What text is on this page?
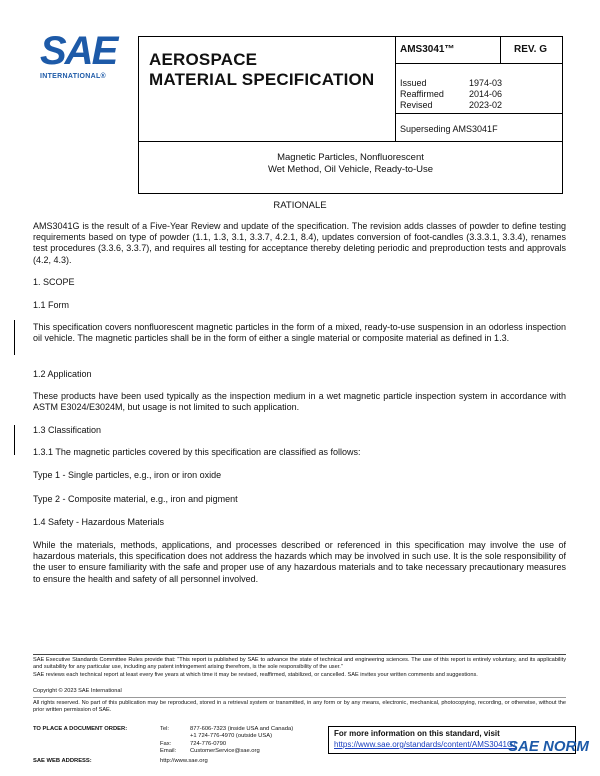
SAE
INTERNATIONAL®
AEROSPACE
MATERIAL SPECIFICATION
AMS3041™	REV. G
Issued	1974-03
Reaffirmed	2014-06
Revised	2023-02
Superseding AMS3041F
Magnetic Particles, Nonfluorescent
Wet Method, Oil Vehicle, Ready-to-Use
RATIONALE
AMS3041G is the result of a Five-Year Review and update of the specification. The revision adds classes of powder to define testing requirements based on type of powder (1.1, 1.3, 3.1, 3.3.7, 4.2.1, 8.4), updates conversion of foot-candles (3.3.3.1, 3.3.4), renames test procedures (3.3.6, 3.3.7), and requires all testing for acceptance thereby deleting periodic and preproduction tests and approvals (4.2, 4.3).
1. SCOPE
1.1 Form
This specification covers nonfluorescent magnetic particles in the form of a mixed, ready-to-use suspension in an odorless inspection oil vehicle. The magnetic particles shall be in the form of either a single material or composite material as defined in 1.3.
1.2 Application
These products have been used typically as the inspection medium in a wet magnetic particle inspection system in accordance with ASTM E3024/E3024M, but usage is not limited to such application.
1.3 Classification
1.3.1 The magnetic particles covered by this specification are classified as follows:
Type 1 - Single particles, e.g., iron or iron oxide
Type 2 - Composite material, e.g., iron and pigment
1.4 Safety - Hazardous Materials
While the materials, methods, applications, and processes described or referenced in this specification may involve the use of hazardous materials, this specification does not address the hazards which may be involved in such use. It is the sole responsibility of the user to ensure familiarity with the safe and proper use of any hazardous materials and to take necessary precautionary measures to ensure the health and safety of all personnel involved.
SAE Executive Standards Committee Rules provide that: “This report is published by SAE to advance the state of technical and engineering sciences. The use of this report is entirely voluntary, and its applicability and suitability for any particular use, including any patent infringement arising therefrom, is the sole responsibility of the user.”
SAE reviews each technical report at least every five years at which time it may be revised, reaffirmed, stabilized, or cancelled. SAE invites your written comments and suggestions.
Copyright © 2023 SAE International
All rights reserved. No part of this publication may be reproduced, stored in a retrieval system or transmitted, in any form or by any means, electronic, mechanical, photocopying, recording, or otherwise, without the prior written permission of SAE.
TO PLACE A DOCUMENT ORDER:	Tel:	877-606-7323 (inside USA and Canada)
+1 724-776-4970 (outside USA)
Fax:	724-776-0790
Email: CustomerService@sae.org
SAE WEB ADDRESS:	http://www.sae.org
For more information on this standard, visit
https://www.sae.org/standards/content/AMS3041G/
SAE NORM
